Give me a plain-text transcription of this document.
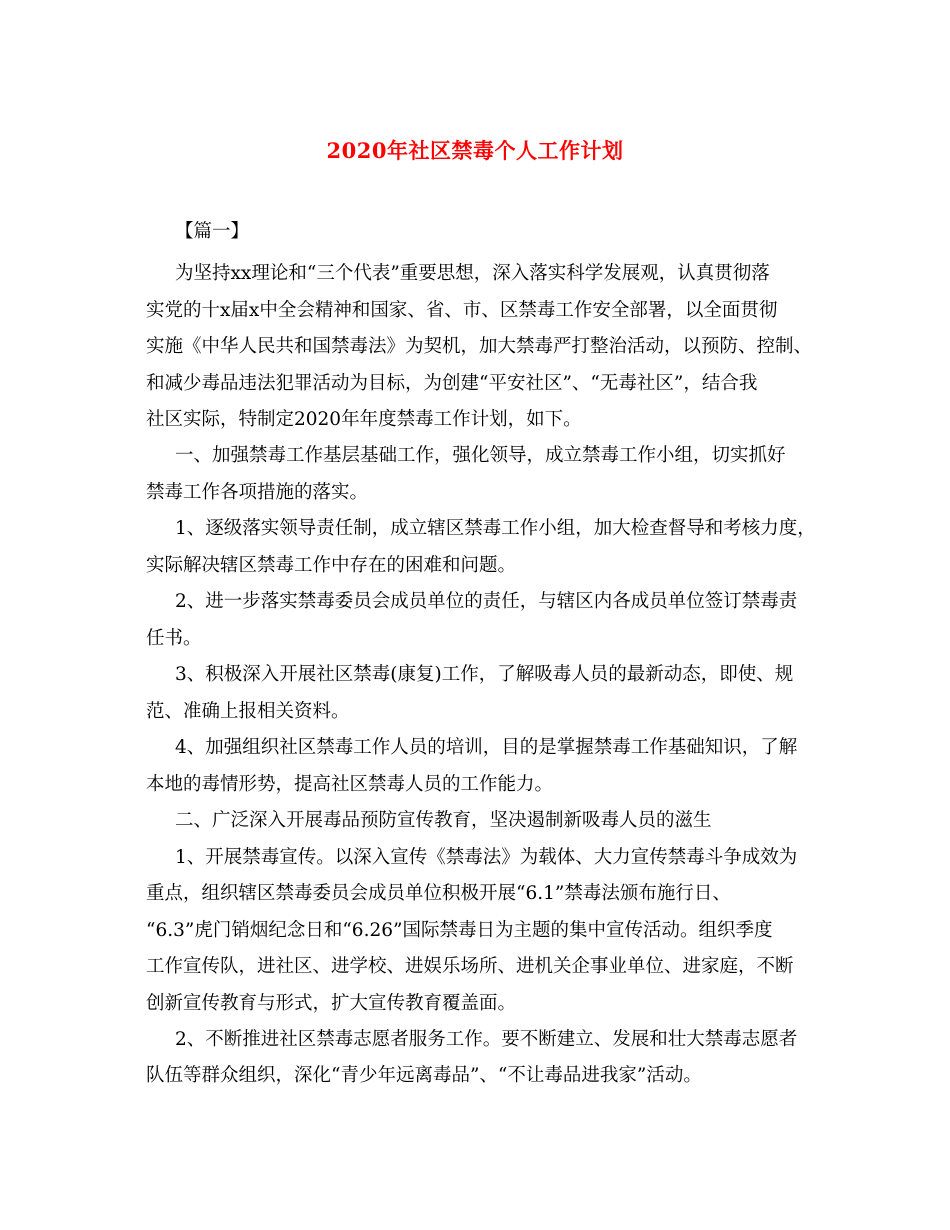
2020年社区禁毒个人工作计划
【篇一】
为坚持xx理论和“三个代表”重要思想，深入落实科学发展观，认真贯彻落
实党的十x届x中全会精神和国家、省、市、区禁毒工作安全部署，以全面贯彻
实施《中华人民共和国禁毒法》为契机，加大禁毒严打整治活动，以预防、控制、
和减少毒品违法犯罪活动为目标，为创建“平安社区”、“无毒社区”，结合我
社区实际，特制定2020年年度禁毒工作计划，如下。
一、加强禁毒工作基层基础工作，强化领导，成立禁毒工作小组，切实抓好
禁毒工作各项措施的落实。
1、逐级落实领导责任制，成立辖区禁毒工作小组，加大检查督导和考核力度，
实际解决辖区禁毒工作中存在的困难和问题。
2、进一步落实禁毒委员会成员单位的责任，与辖区内各成员单位签订禁毒责
任书。
3、积极深入开展社区禁毒(康复)工作，了解吸毒人员的最新动态，即使、规
范、准确上报相关资料。
4、加强组织社区禁毒工作人员的培训，目的是掌握禁毒工作基础知识，了解
本地的毒情形势，提高社区禁毒人员的工作能力。
二、广泛深入开展毒品预防宣传教育，坚决遏制新吸毒人员的滋生
1、开展禁毒宣传。以深入宣传《禁毒法》为载体、大力宣传禁毒斗争成效为
重点，组织辖区禁毒委员会成员单位积极开展“6.1”禁毒法颁布施行日、
“6.3”虎门销烟纪念日和“6.26”国际禁毒日为主题的集中宣传活动。组织季度
工作宣传队，进社区、进学校、进娱乐场所、进机关企事业单位、进家庭，不断
创新宣传教育与形式，扩大宣传教育覆盖面。
2、不断推进社区禁毒志愿者服务工作。要不断建立、发展和壮大禁毒志愿者
队伍等群众组织，深化“青少年远离毒品”、“不让毒品进我家”活动。
